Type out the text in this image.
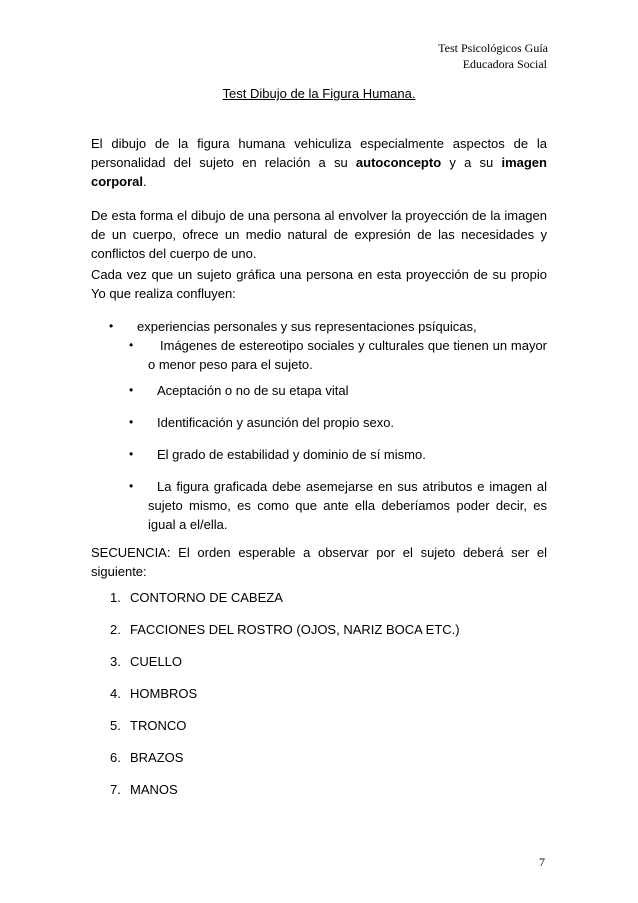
Test Psicológicos Guía
Educadora Social
Test Dibujo de la Figura Humana.
El dibujo de la figura humana vehiculiza especialmente aspectos de la personalidad del sujeto en relación a su autoconcepto y a su imagen corporal.
De esta forma el dibujo de una persona al envolver la proyección de la imagen de un cuerpo, ofrece un medio natural de expresión de las necesidades y conflictos del cuerpo de uno.
Cada vez que un sujeto gráfica una persona en esta proyección de su propio Yo que realiza confluyen:
• experiencias personales y sus representaciones psíquicas,
•	Imágenes de estereotipo sociales y culturales que tienen un mayor o menor peso para el sujeto.
• Aceptación o no de su etapa vital
• Identificación y asunción del propio sexo.
• El grado de estabilidad y dominio de sí mismo.
•	La figura graficada debe asemejarse en sus atributos e imagen al sujeto mismo, es como que ante ella deberíamos poder decir, es igual a el/ella.
SECUENCIA: El orden esperable a observar por el sujeto deberá ser el siguiente:
1. CONTORNO DE CABEZA
2. FACCIONES DEL ROSTRO (OJOS, NARIZ BOCA ETC.)
3. CUELLO
4. HOMBROS
5. TRONCO
6. BRAZOS
7. MANOS
7
